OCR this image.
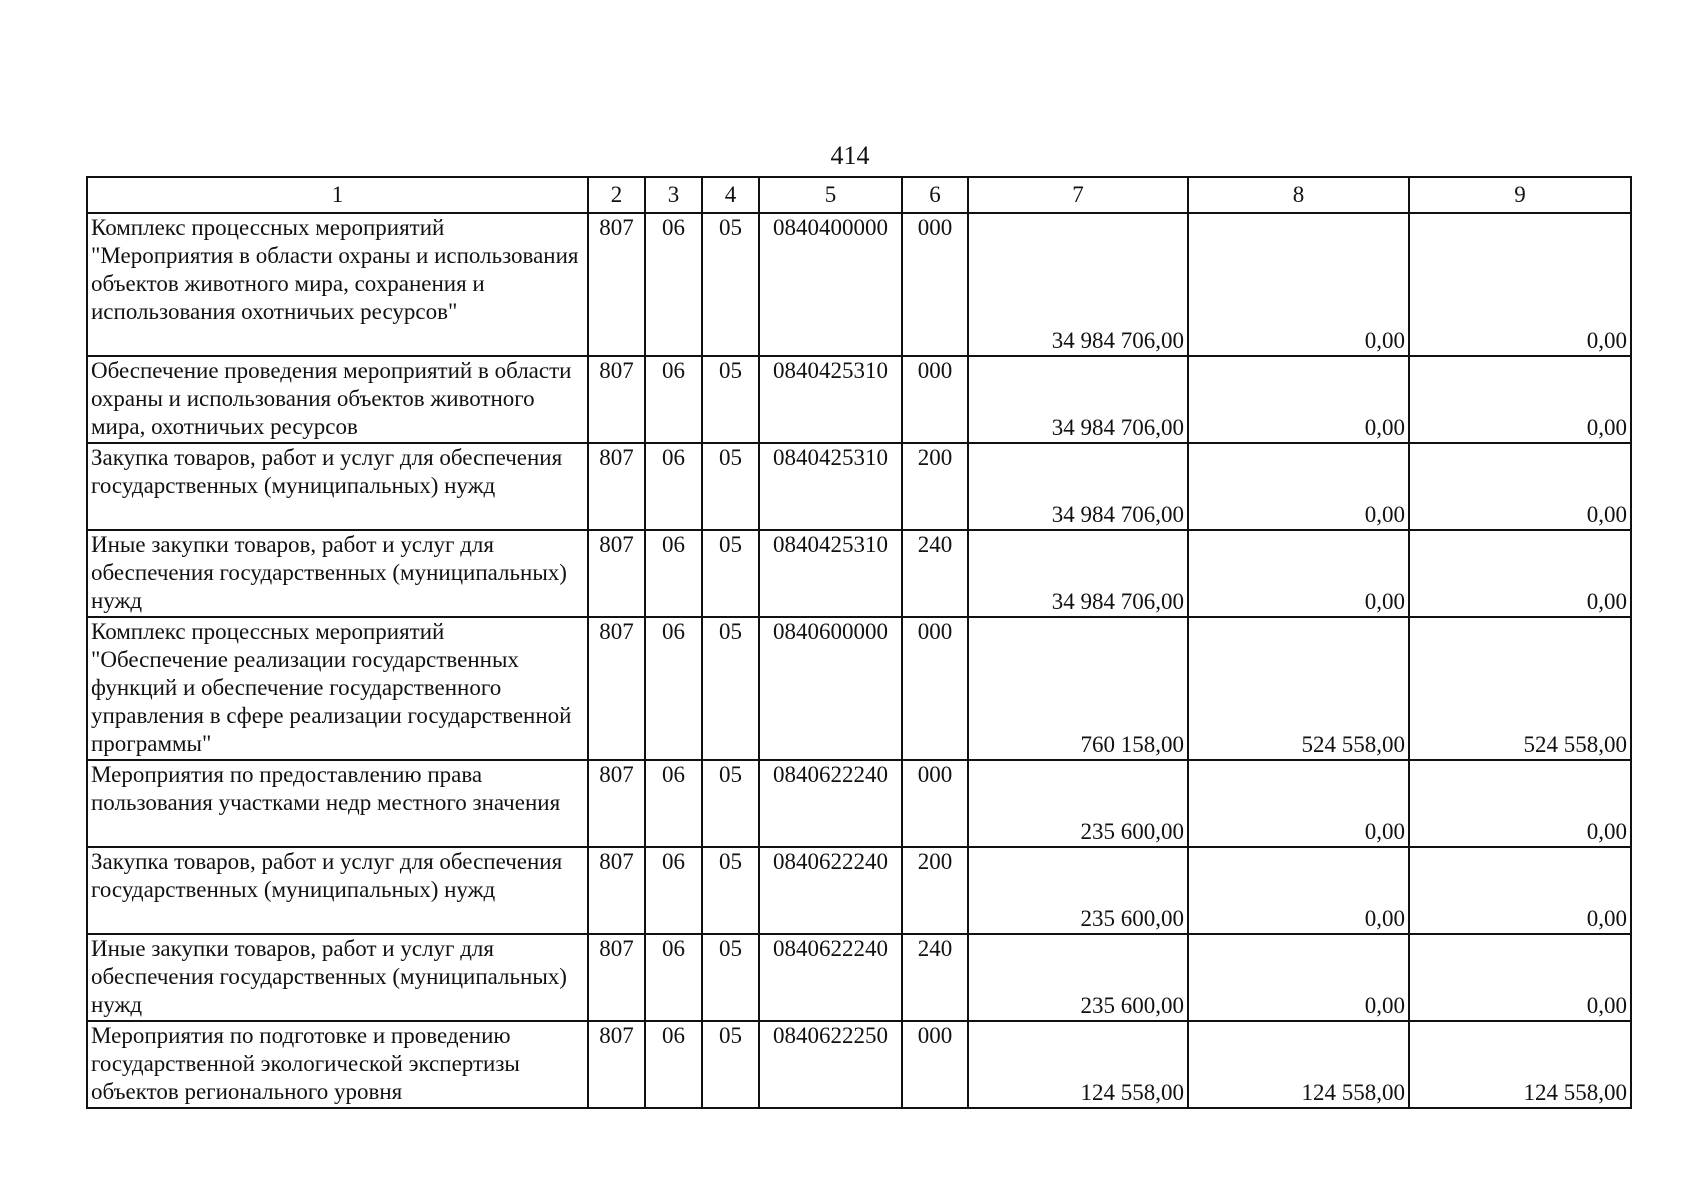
414
1	2	3	4	5	6	7	8	9
Комплекс процессных мероприятий "Мероприятия в области охраны и использования объектов животного мира, сохранения и использования охотничьих ресурсов"	807	06	05	0840400000	000	34 984 706,00	0,00	0,00
Обеспечение проведения мероприятий в области охраны и использования объектов животного мира, охотничьих ресурсов	807	06	05	0840425310	000	34 984 706,00	0,00	0,00
Закупка товаров, работ и услуг для обеспечения государственных (муниципальных) нужд	807	06	05	0840425310	200	34 984 706,00	0,00	0,00
Иные закупки товаров, работ и услуг для обеспечения государственных (муниципальных) нужд	807	06	05	0840425310	240	34 984 706,00	0,00	0,00
Комплекс процессных мероприятий "Обеспечение реализации государственных функций и обеспечение государственного управления в сфере реализации государственной программы"	807	06	05	0840600000	000	760 158,00	524 558,00	524 558,00
Мероприятия по предоставлению права пользования участками недр местного значения	807	06	05	0840622240	000	235 600,00	0,00	0,00
Закупка товаров, работ и услуг для обеспечения государственных (муниципальных) нужд	807	06	05	0840622240	200	235 600,00	0,00	0,00
Иные закупки товаров, работ и услуг для обеспечения государственных (муниципальных) нужд	807	06	05	0840622240	240	235 600,00	0,00	0,00
Мероприятия по подготовке и проведению государственной экологической экспертизы объектов регионального уровня	807	06	05	0840622250	000	124 558,00	124 558,00	124 558,00
